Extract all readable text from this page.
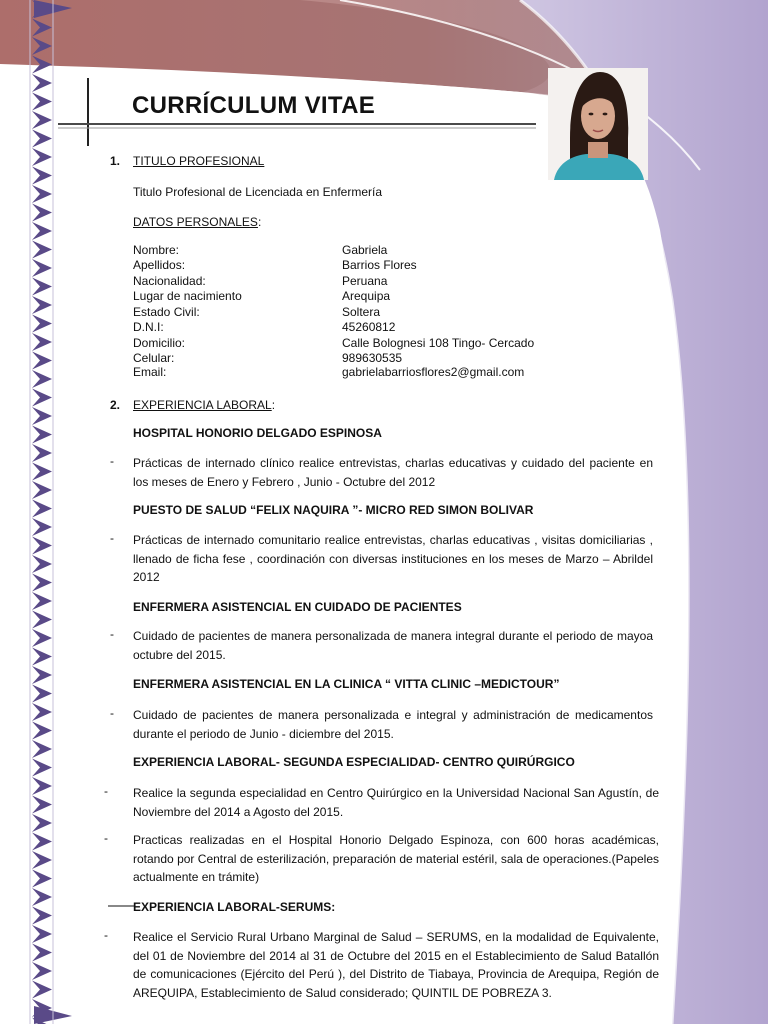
CURRÍCULUM VITAE
1. TITULO PROFESIONAL
Titulo Profesional de Licenciada en Enfermería
DATOS PERSONALES:
Nombre:	Gabriela
Apellidos:	Barrios Flores
Nacionalidad:	Peruana
Lugar de nacimiento	Arequipa
Estado Civil:	Soltera
D.N.I:	45260812
Domicilio:	Calle Bolognesi 108 Tingo- Cercado
Celular:	989630535
Email:	gabrielabarriosflores2@gmail.com
2. EXPERIENCIA LABORAL:
HOSPITAL HONORIO DELGADO ESPINOSA
- Prácticas de internado clínico realice entrevistas, charlas educativas y cuidado del paciente en los meses de Enero y Febrero , Junio - Octubre del 2012
PUESTO DE SALUD “FELIX NAQUIRA ”- MICRO RED SIMON BOLIVAR
- Prácticas de internado comunitario realice entrevistas, charlas educativas , visitas domiciliarias , llenado de ficha fese , coordinación con diversas instituciones en los meses de Marzo – Abrildel 2012
ENFERMERA ASISTENCIAL EN CUIDADO DE PACIENTES
- Cuidado de pacientes de manera personalizada de manera integral durante el periodo de mayoa octubre del 2015.
ENFERMERA ASISTENCIAL EN LA CLINICA “ VITTA CLINIC –MEDICTOUR”
- Cuidado de pacientes de manera personalizada e integral y administración de medicamentos durante el periodo de Junio - diciembre del 2015.
EXPERIENCIA LABORAL- SEGUNDA ESPECIALIDAD- CENTRO QUIRÚRGICO
- Realice la segunda especialidad en Centro Quirúrgico en la Universidad Nacional San Agustín, de Noviembre del 2014 a Agosto del 2015.
- Practicas realizadas en el Hospital Honorio Delgado Espinoza, con 600 horas académicas, rotando por Central de esterilización, preparación de material estéril, sala de operaciones.(Papeles actualmente en trámite)
EXPERIENCIA LABORAL-SERUMS:
- Realice el Servicio Rural Urbano Marginal de Salud – SERUMS, en la modalidad de Equivalente, del 01 de Noviembre del 2014 al 31 de Octubre del 2015 en el Establecimiento de Salud Batallón de comunicaciones (Ejército del Perú ), del Distrito de Tiabaya, Provincia de Arequipa, Región de AREQUIPA, Establecimiento de Salud considerado; QUINTIL DE POBREZA 3.
